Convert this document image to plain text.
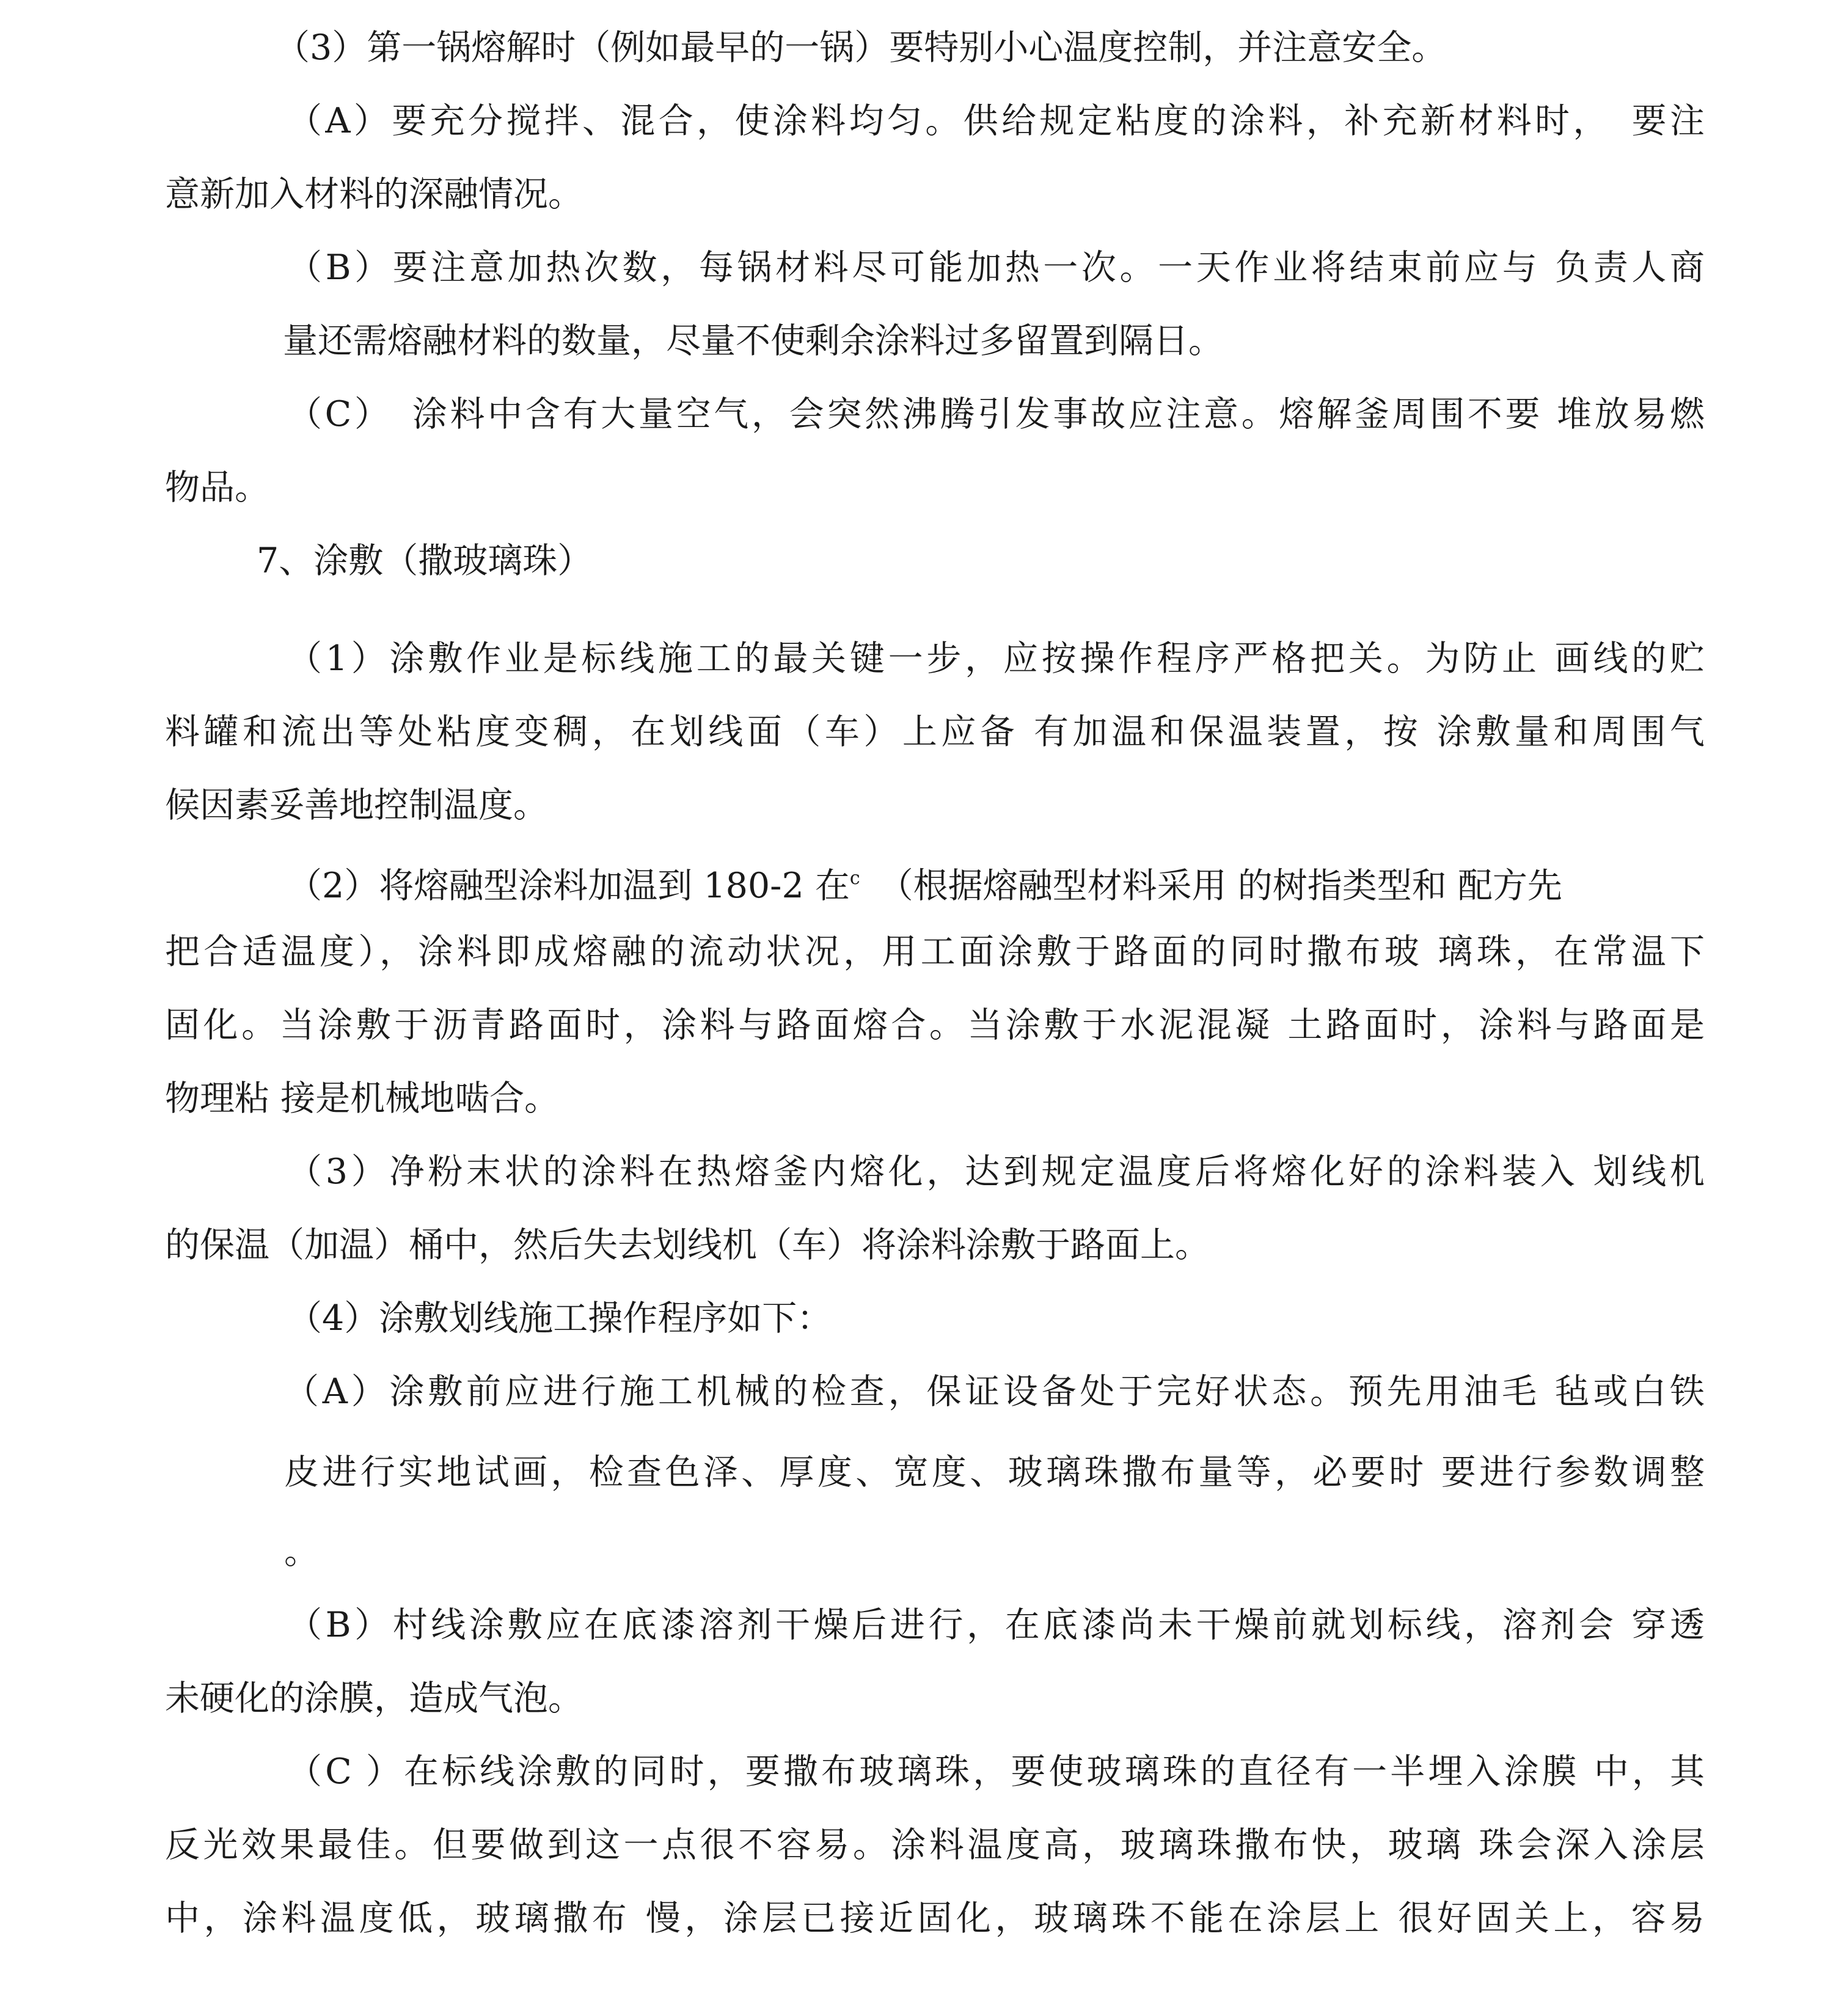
（3）第一锅熔解时（例如最早的一锅）要特别小心温度控制，并注意安全。
（A）要充分搅拌、混合，使涂料均匀。供给规定粘度的涂料，补充新材料时，　要注
意新加入材料的深融情况。
（B）要注意加热次数，每锅材料尽可能加热一次。一天作业将结束前应与 负责人商
量还需熔融材料的数量，尽量不使剩余涂料过多留置到隔日。
（C）　涂料中含有大量空气，会突然沸腾引发事故应注意。熔解釜周围不要 堆放易燃
物品。
7、涂敷（撒玻璃珠）
（1）涂敷作业是标线施工的最关键一步，应按操作程序严格把关。为防止 画线的贮
料罐和流出等处粘度变稠，在划线面（车）上应备 有加温和保温装置，按 涂敷量和周围气
候因素妥善地控制温度。
（2）将熔融型涂料加温到 180-2 在$^c$ （根据熔融型材料采用 的树指类型和 配方先
把合适温度），涂料即成熔融的流动状况，用工面涂敷于路面的同时撒布玻 璃珠，在常温下
固化。当涂敷于沥青路面时，涂料与路面熔合。当涂敷于水泥混凝 土路面时，涂料与路面是
物理粘 接是机械地啮合。
（3）净粉末状的涂料在热熔釜内熔化，达到规定温度后将熔化好的涂料装入 划线机
的保温（加温）桶中，然后失去划线机（车）将涂料涂敷于路面上。
（4）涂敷划线施工操作程序如下：
（A）涂敷前应进行施工机械的检查，保证设备处于完好状态。预先用油毛 毡或白铁
皮进行实地试画，检查色泽、厚度、宽度、玻璃珠撒布量等，必要时 要进行参数调整
。
（B）村线涂敷应在底漆溶剂干燥后进行，在底漆尚未干燥前就划标线，溶剂会 穿透
未硬化的涂膜，造成气泡。
（C ）在标线涂敷的同时，要撒布玻璃珠，要使玻璃珠的直径有一半埋入涂膜 中，其
反光效果最佳。但要做到这一点很不容易。涂料温度高，玻璃珠撒布快，玻璃 珠会深入涂层
中，涂料温度低，玻璃撒布 慢，涂层已接近固化，玻璃珠不能在涂层上 很好固关上，容易
